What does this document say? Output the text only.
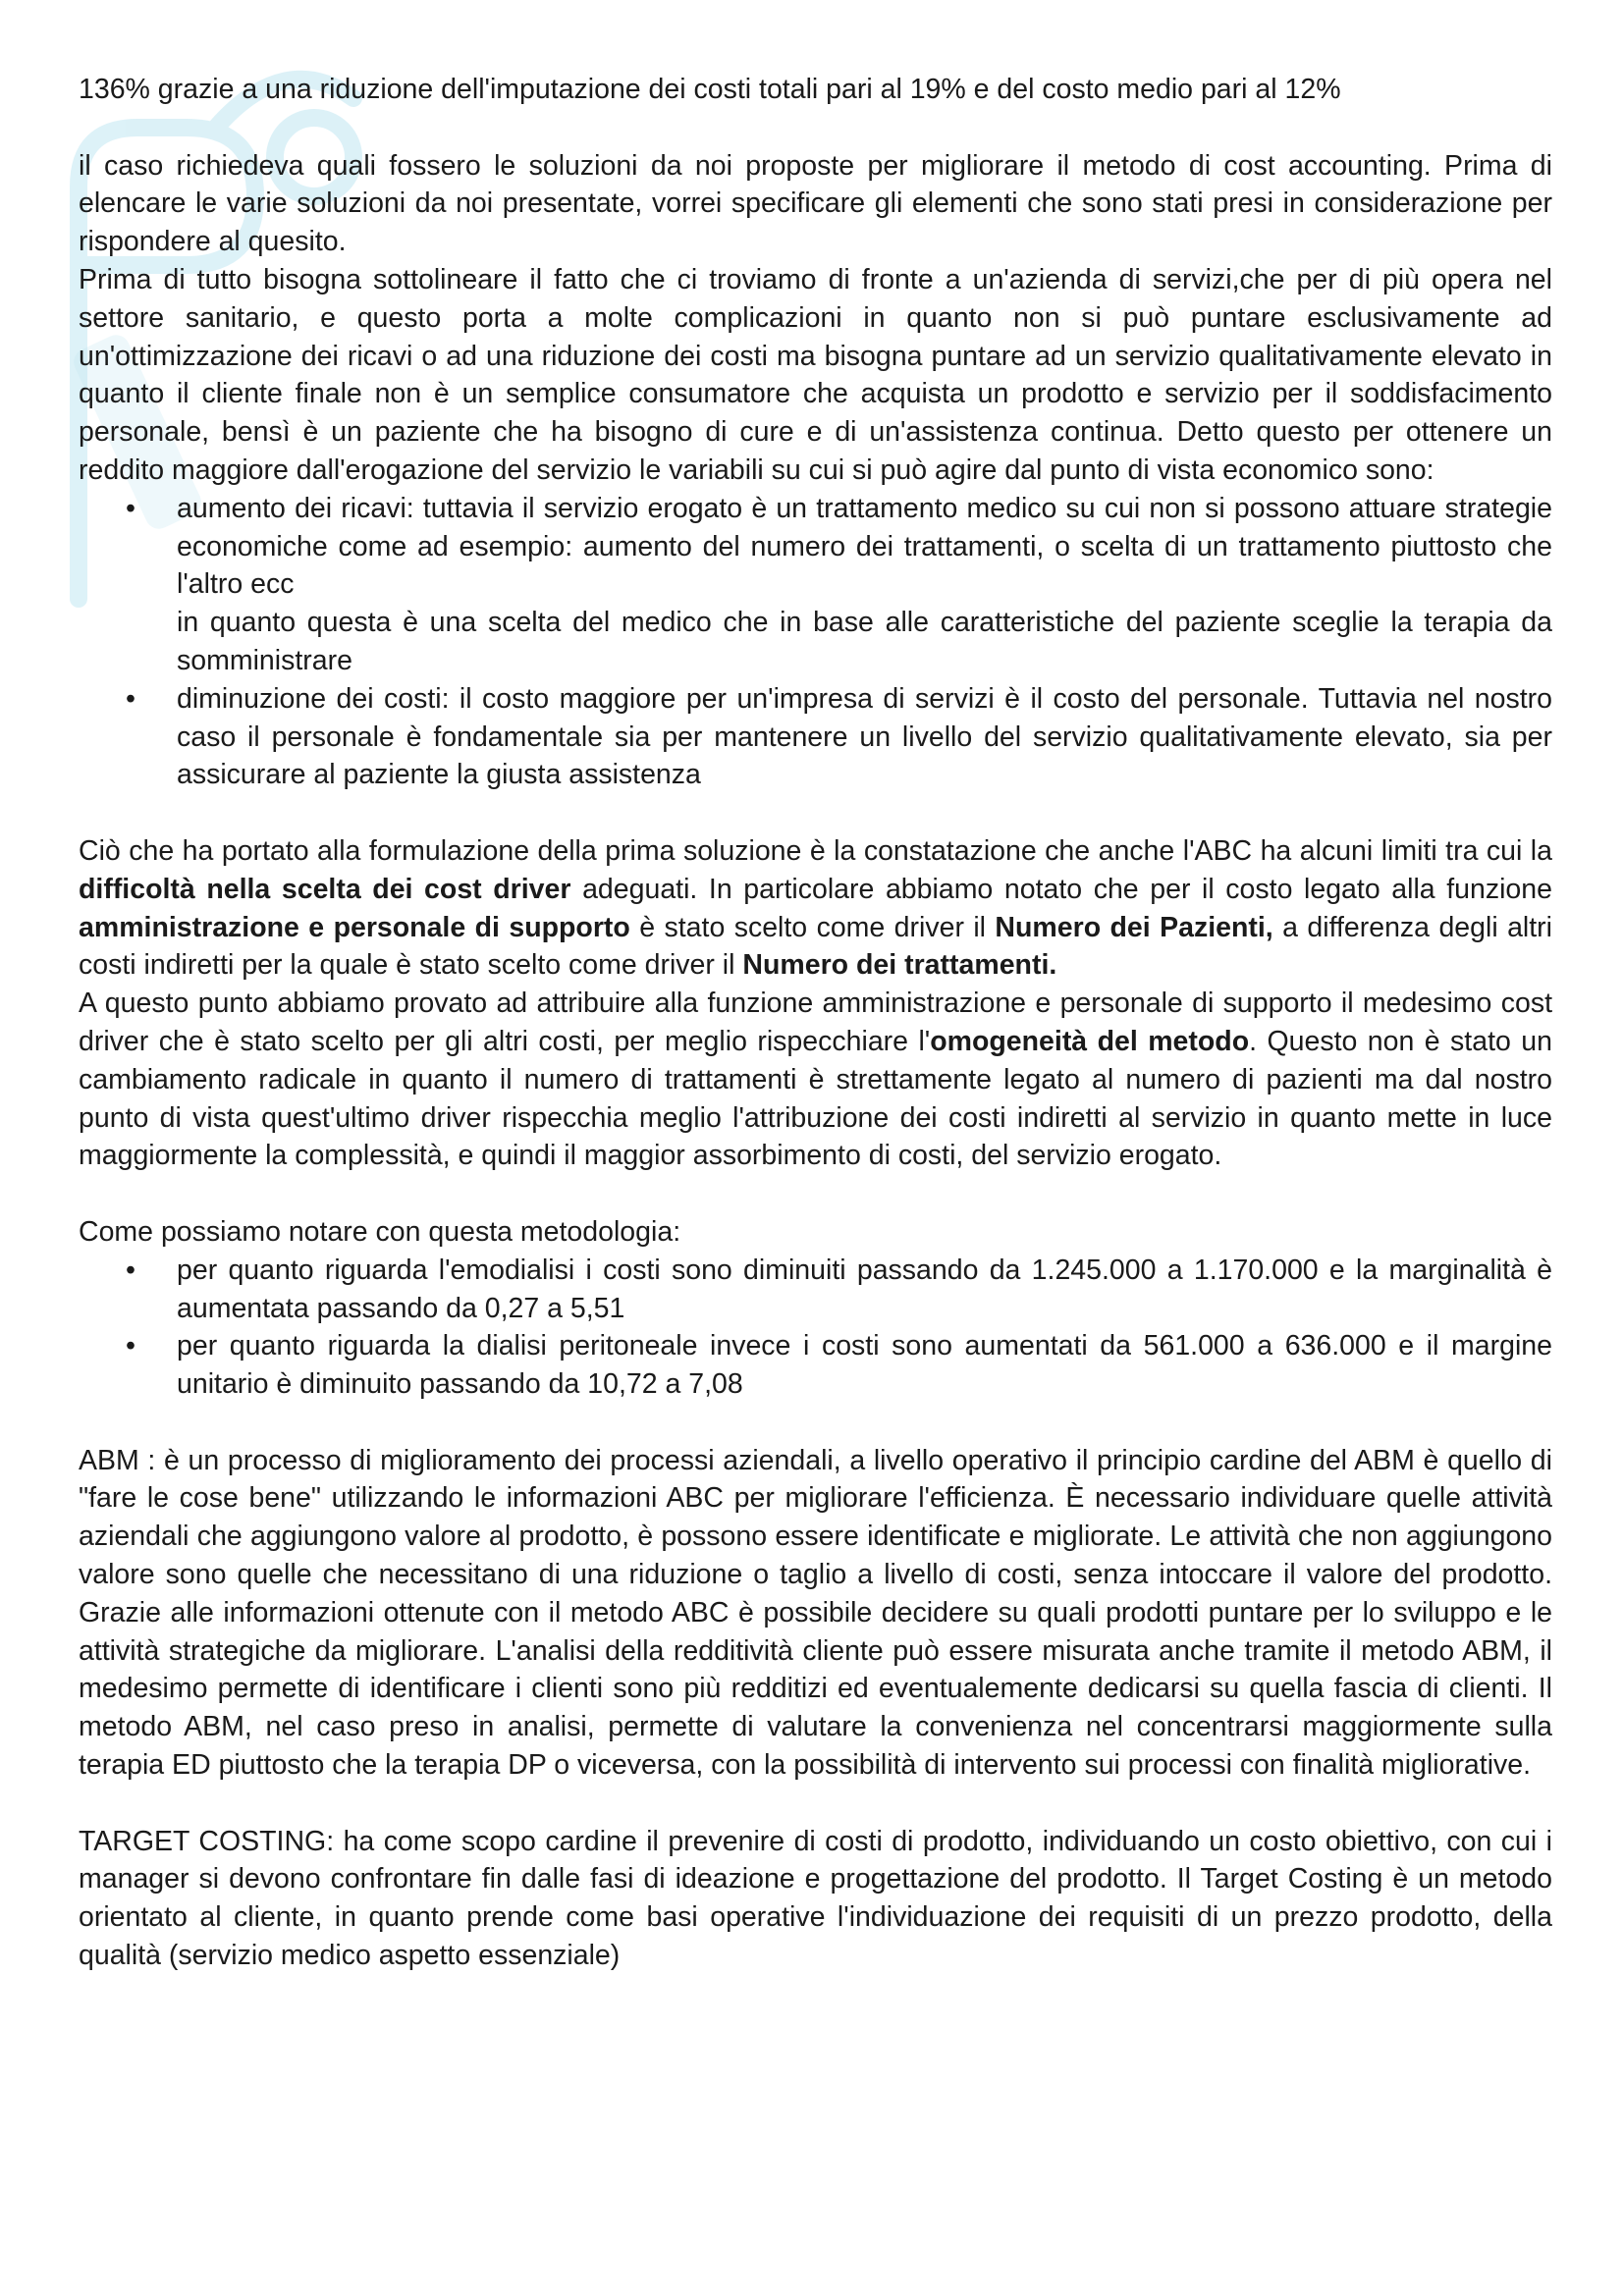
136% grazie a una riduzione dell'imputazione dei costi totali pari al 19% e del costo medio pari al 12%

il caso richiedeva quali fossero le soluzioni da noi proposte per migliorare il metodo di cost accounting. Prima di elencare le varie soluzioni da noi presentate, vorrei specificare gli elementi che sono stati presi in considerazione per rispondere al quesito.

Prima di tutto bisogna sottolineare il fatto che ci troviamo di fronte a un'azienda di servizi,che per di più opera nel settore sanitario, e questo porta a molte complicazioni in quanto non si può puntare esclusivamente ad un'ottimizzazione dei ricavi o ad una riduzione dei costi ma bisogna puntare ad un servizio qualitativamente elevato in quanto il cliente finale non è un semplice consumatore che acquista un prodotto e servizio per il soddisfacimento personale, bensì è un paziente che ha bisogno di cure e di un'assistenza continua. Detto questo per ottenere un reddito maggiore dall'erogazione del servizio le variabili su cui si può agire dal punto di vista economico sono:

• aumento dei ricavi: tuttavia il servizio erogato è un trattamento medico su cui non si possono attuare strategie economiche come ad esempio: aumento del numero dei trattamenti, o scelta di un trattamento piuttosto che l'altro ecc
in quanto questa è una scelta del medico che in base alle caratteristiche del paziente sceglie la terapia da somministrare
• diminuzione dei costi: il costo maggiore per un'impresa di servizi è il costo del personale. Tuttavia nel nostro caso il personale è fondamentale sia per mantenere un livello del servizio qualitativamente elevato, sia per assicurare al paziente la giusta assistenza

Ciò che ha portato alla formulazione della prima soluzione è la constatazione che anche l'ABC ha alcuni limiti tra cui la difficoltà nella scelta dei cost driver adeguati. In particolare abbiamo notato che per il costo legato alla funzione amministrazione e personale di supporto è stato scelto come driver il Numero dei Pazienti, a differenza degli altri costi indiretti per la quale è stato scelto come driver il Numero dei trattamenti.

A questo punto abbiamo provato ad attribuire alla funzione amministrazione e personale di supporto il medesimo cost driver che è stato scelto per gli altri costi, per meglio rispecchiare l'omogeneità del metodo. Questo non è stato un cambiamento radicale in quanto il numero di trattamenti è strettamente legato al numero di pazienti ma dal nostro punto di vista quest'ultimo driver rispecchia meglio l'attribuzione dei costi indiretti al servizio in quanto mette in luce maggiormente la complessità, e quindi il maggior assorbimento di costi, del servizio erogato.

Come possiamo notare con questa metodologia:

• per quanto riguarda l'emodialisi i costi sono diminuiti passando da 1.245.000 a 1.170.000 e la marginalità è aumentata passando da 0,27 a 5,51
• per quanto riguarda la dialisi peritoneale invece i costi sono aumentati da 561.000 a 636.000 e il margine unitario è diminuito passando da 10,72 a 7,08

ABM : è un processo di miglioramento dei processi aziendali, a livello operativo il principio cardine del ABM è quello di "fare le cose bene" utilizzando le informazioni ABC per migliorare l'efficienza. È necessario individuare quelle attività aziendali che aggiungono valore al prodotto, è possono essere identificate e migliorate. Le attività che non aggiungono valore sono quelle che necessitano di una riduzione o taglio a livello di costi, senza intoccare il valore del prodotto. Grazie alle informazioni ottenute con il metodo ABC è possibile decidere su quali prodotti puntare per lo sviluppo e le attività strategiche da migliorare. L'analisi della redditività cliente può essere misurata anche tramite il metodo ABM, il medesimo permette di identificare i clienti sono più redditizi ed eventualemente dedicarsi su quella fascia di clienti. Il metodo ABM, nel caso preso in analisi, permette di valutare la convenienza nel concentrarsi maggiormente sulla terapia ED piuttosto che la terapia DP o viceversa, con la possibilità di intervento sui processi con finalità migliorative.

TARGET COSTING: ha come scopo cardine il prevenire di costi di prodotto, individuando un costo obiettivo, con cui i manager si devono confrontare fin dalle fasi di ideazione e progettazione del prodotto. Il Target Costing è un metodo orientato al cliente, in quanto prende come basi operative l'individuazione dei requisiti di un prezzo prodotto, della qualità (servizio medico aspetto essenziale)
